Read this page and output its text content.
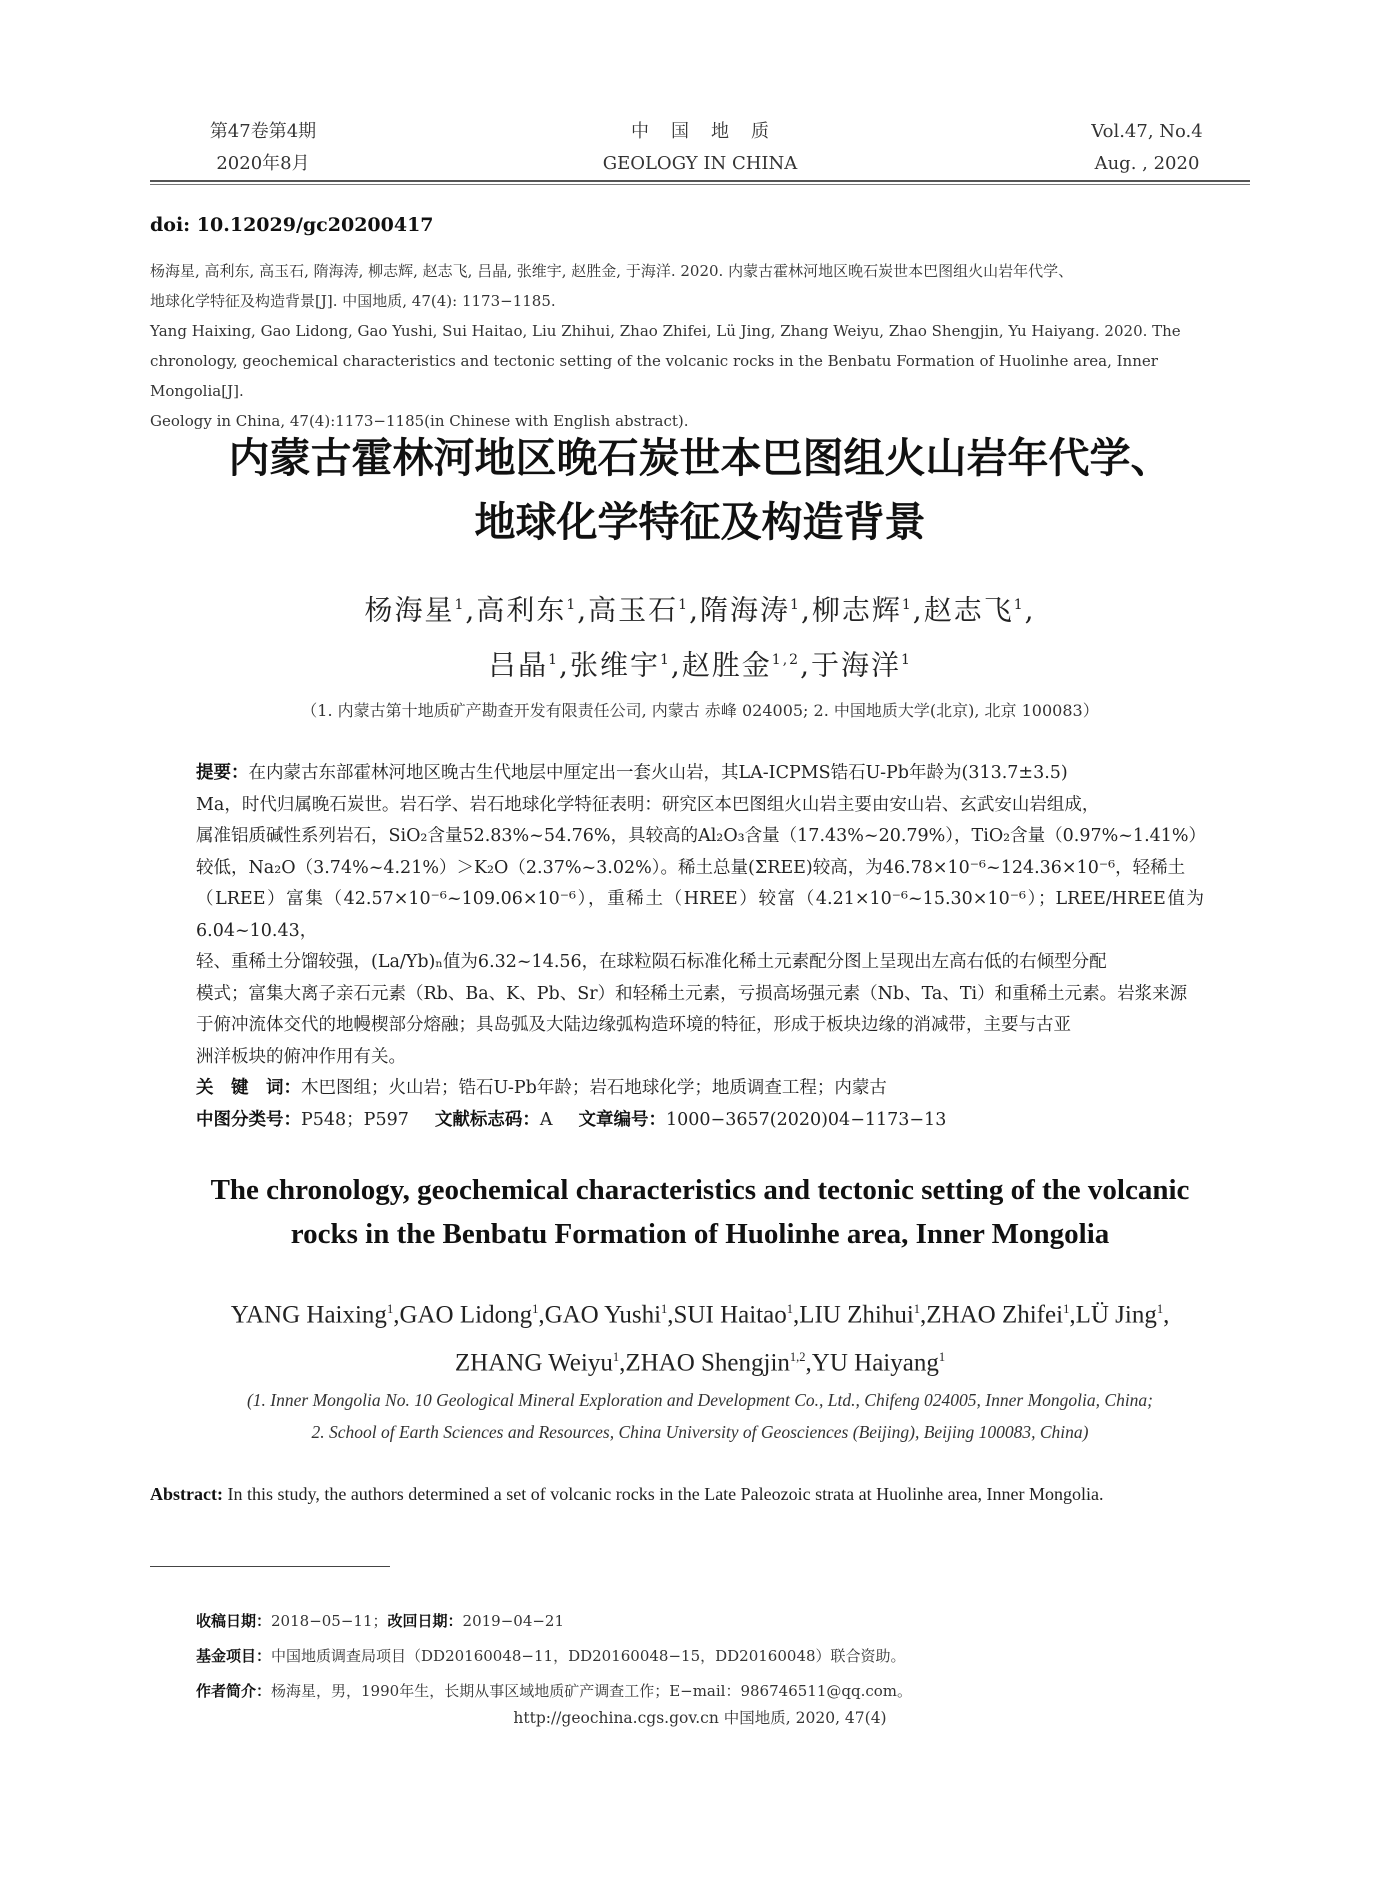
第47卷第4期
2020年8月
中国地质
GEOLOGY IN CHINA
Vol.47, No.4
Aug. , 2020
doi: 10.12029/gc20200417

杨海星, 高利东, 高玉石, 隋海涛, 柳志辉, 赵志飞, 吕晶, 张维宇, 赵胜金, 于海洋. 2020. 内蒙古霍林河地区晚石炭世本巴图组火山岩年代学、

地球化学特征及构造背景[J]. 中国地质, 47(4): 1173−1185.

Yang Haixing, Gao Lidong, Gao Yushi, Sui Haitao, Liu Zhihui, Zhao Zhifei, Lü Jing, Zhang Weiyu, Zhao Shengjin, Yu Haiyang. 2020. The

chronology, geochemical characteristics and tectonic setting of the volcanic rocks in the Benbatu Formation of Huolinhe area, Inner Mongolia[J].

Geology in China, 47(4):1173−1185(in Chinese with English abstract).

内蒙古霍林河地区晚石炭世本巴图组火山岩年代学、
地球化学特征及构造背景
杨海星$^1$,高利东$^1$,高玉石$^1$,隋海涛$^1$,柳志辉$^1$,赵志飞$^1$,
吕晶$^1$,张维宇$^1$,赵胜金$^{1,2}$,于海洋$^1$
（1. 内蒙古第十地质矿产勘查开发有限责任公司, 内蒙古 赤峰 024005; 2. 中国地质大学(北京), 北京 100083）

提要：在内蒙古东部霍林河地区晚古生代地层中厘定出一套火山岩，其LA-ICPMS锆石U-Pb年龄为(313.7±3.5)

Ma，时代归属晚石炭世。岩石学、岩石地球化学特征表明：研究区本巴图组火山岩主要由安山岩、玄武安山岩组成，

属准铝质碱性系列岩石，SiO₂含量52.83%~54.76%，具较高的Al₂O₃含量（17.43%~20.79%），TiO₂含量（0.97%~1.41%）

较低，Na₂O（3.74%~4.21%）＞K₂O（2.37%~3.02%）。稀土总量(ΣREE)较高，为46.78×10⁻⁶~124.36×10⁻⁶，轻稀土

（LREE）富集（42.57×10⁻⁶~109.06×10⁻⁶），重稀土（HREE）较富（4.21×10⁻⁶~15.30×10⁻⁶）；LREE/HREE值为6.04~10.43，

轻、重稀土分馏较强，(La/Yb)ₙ值为6.32~14.56，在球粒陨石标准化稀土元素配分图上呈现出左高右低的右倾型分配

模式；富集大离子亲石元素（Rb、Ba、K、Pb、Sr）和轻稀土元素，亏损高场强元素（Nb、Ta、Ti）和重稀土元素。岩浆来源

于俯冲流体交代的地幔楔部分熔融；具岛弧及大陆边缘弧构造环境的特征，形成于板块边缘的消减带，主要与古亚

洲洋板块的俯冲作用有关。

关　键　词：木巴图组；火山岩；锆石U-Pb年龄；岩石地球化学；地质调查工程；内蒙古

中图分类号：P548；P597 文献标志码：A 文章编号：1000−3657(2020)04−1173−13

The chronology, geochemical characteristics and tectonic setting of the volcanic
rocks in the Benbatu Formation of Huolinhe area, Inner Mongolia
YANG Haixing$^1$,GAO Lidong$^1$,GAO Yushi$^1$,SUI Haitao$^1$,LIU Zhihui$^1$,ZHAO Zhifei$^1$,LÜ Jing$^1$,
ZHANG Weiyu$^1$,ZHAO Shengjin$^{1,2}$,YU Haiyang$^1$
(1. Inner Mongolia No. 10 Geological Mineral Exploration and Development Co., Ltd., Chifeng 024005, Inner Mongolia, China;
2. School of Earth Sciences and Resources, China University of Geosciences (Beijing), Beijing 100083, China)
Abstract: In this study, the authors determined a set of volcanic rocks in the Late Paleozoic strata at Huolinhe area, Inner Mongolia.

收稿日期：2018−05−11；改回日期：2019−04−21

基金项目：中国地质调查局项目（DD20160048−11，DD20160048−15，DD20160048）联合资助。

作者简介：杨海星，男，1990年生，长期从事区域地质矿产调查工作；E−mail：986746511@qq.com。

http://geochina.cgs.gov.cn 中国地质, 2020, 47(4)
